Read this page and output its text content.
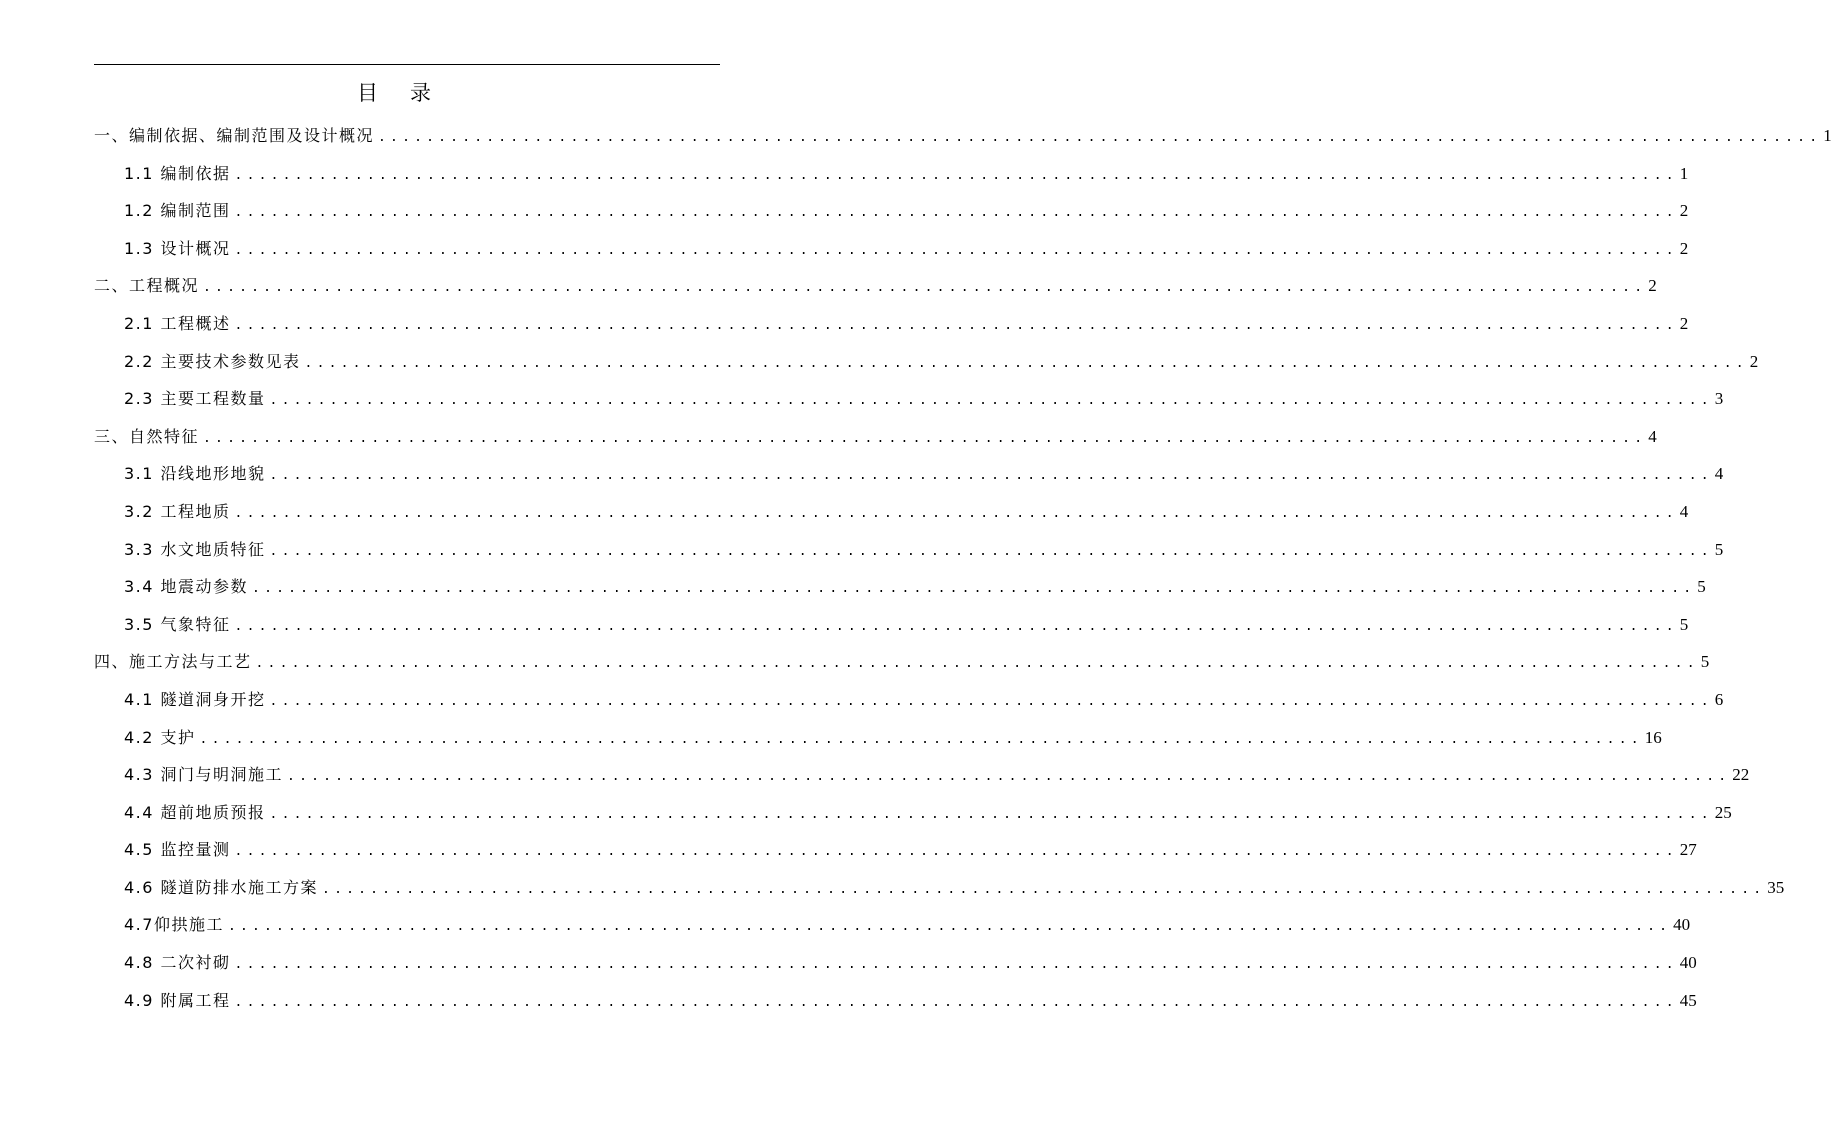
目 录
一、编制依据、编制范围及设计概况 ........................................................................................................................ 1
1.1 编制依据 ........................................................................................................................ 1
1.2 编制范围 ........................................................................................................................ 2
1.3 设计概况 ........................................................................................................................ 2
二、工程概况 ........................................................................................................................ 2
2.1 工程概述 ........................................................................................................................ 2
2.2 主要技术参数见表 ........................................................................................................................ 2
2.3 主要工程数量 ........................................................................................................................ 3
三、自然特征 ........................................................................................................................ 4
3.1 沿线地形地貌 ........................................................................................................................ 4
3.2 工程地质 ........................................................................................................................ 4
3.3 水文地质特征 ........................................................................................................................ 5
3.4 地震动参数 ........................................................................................................................ 5
3.5 气象特征 ........................................................................................................................ 5
四、施工方法与工艺 ........................................................................................................................ 5
4.1 隧道洞身开挖 ........................................................................................................................ 6
4.2 支护 ........................................................................................................................ 16
4.3 洞门与明洞施工 ........................................................................................................................ 22
4.4 超前地质预报 ........................................................................................................................ 25
4.5 监控量测 ........................................................................................................................ 27
4.6 隧道防排水施工方案 ........................................................................................................................ 35
4.7仰拱施工 ........................................................................................................................ 40
4.8 二次衬砌 ........................................................................................................................ 40
4.9 附属工程 ........................................................................................................................ 45
